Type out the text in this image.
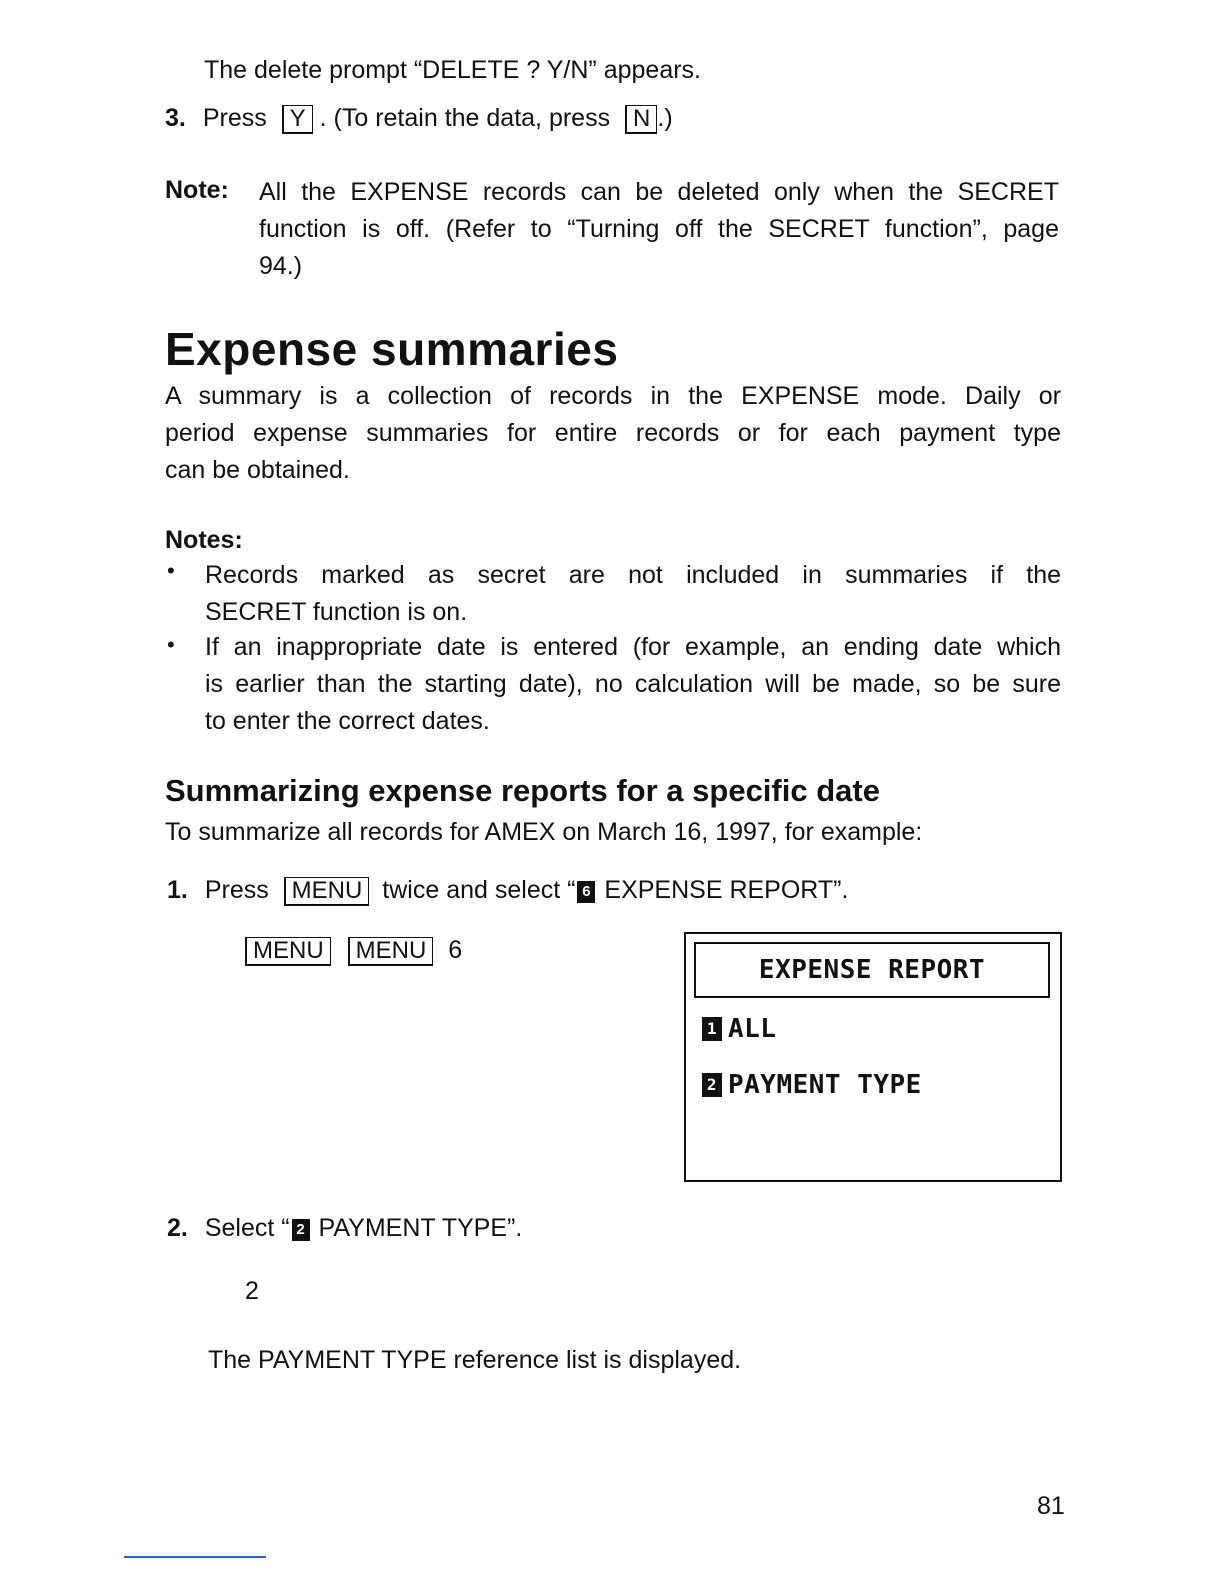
The delete prompt “DELETE ? Y/N” appears.
3. Press Y . (To retain the data, press N .)
Note: All the EXPENSE records can be deleted only when the SECRET
function is off. (Refer to “Turning off the SECRET function”, page
94.)
Expense summaries
A summary is a collection of records in the EXPENSE mode. Daily or
period expense summaries for entire records or for each payment type
can be obtained.
Notes:
• Records marked as secret are not included in summaries if the
SECRET function is on.
• If an inappropriate date is entered (for example, an ending date which
is earlier than the starting date), no calculation will be made, so be sure
to enter the correct dates.
Summarizing expense reports for a specific date
To summarize all records for AMEX on March 16, 1997, for example:
1. Press MENU twice and select “ 6 EXPENSE REPORT”.
MENU MENU 6
EXPENSE REPORT
1 ALL
2 PAYMENT TYPE
2. Select “ 2 PAYMENT TYPE”.
2
The PAYMENT TYPE reference list is displayed.
81
